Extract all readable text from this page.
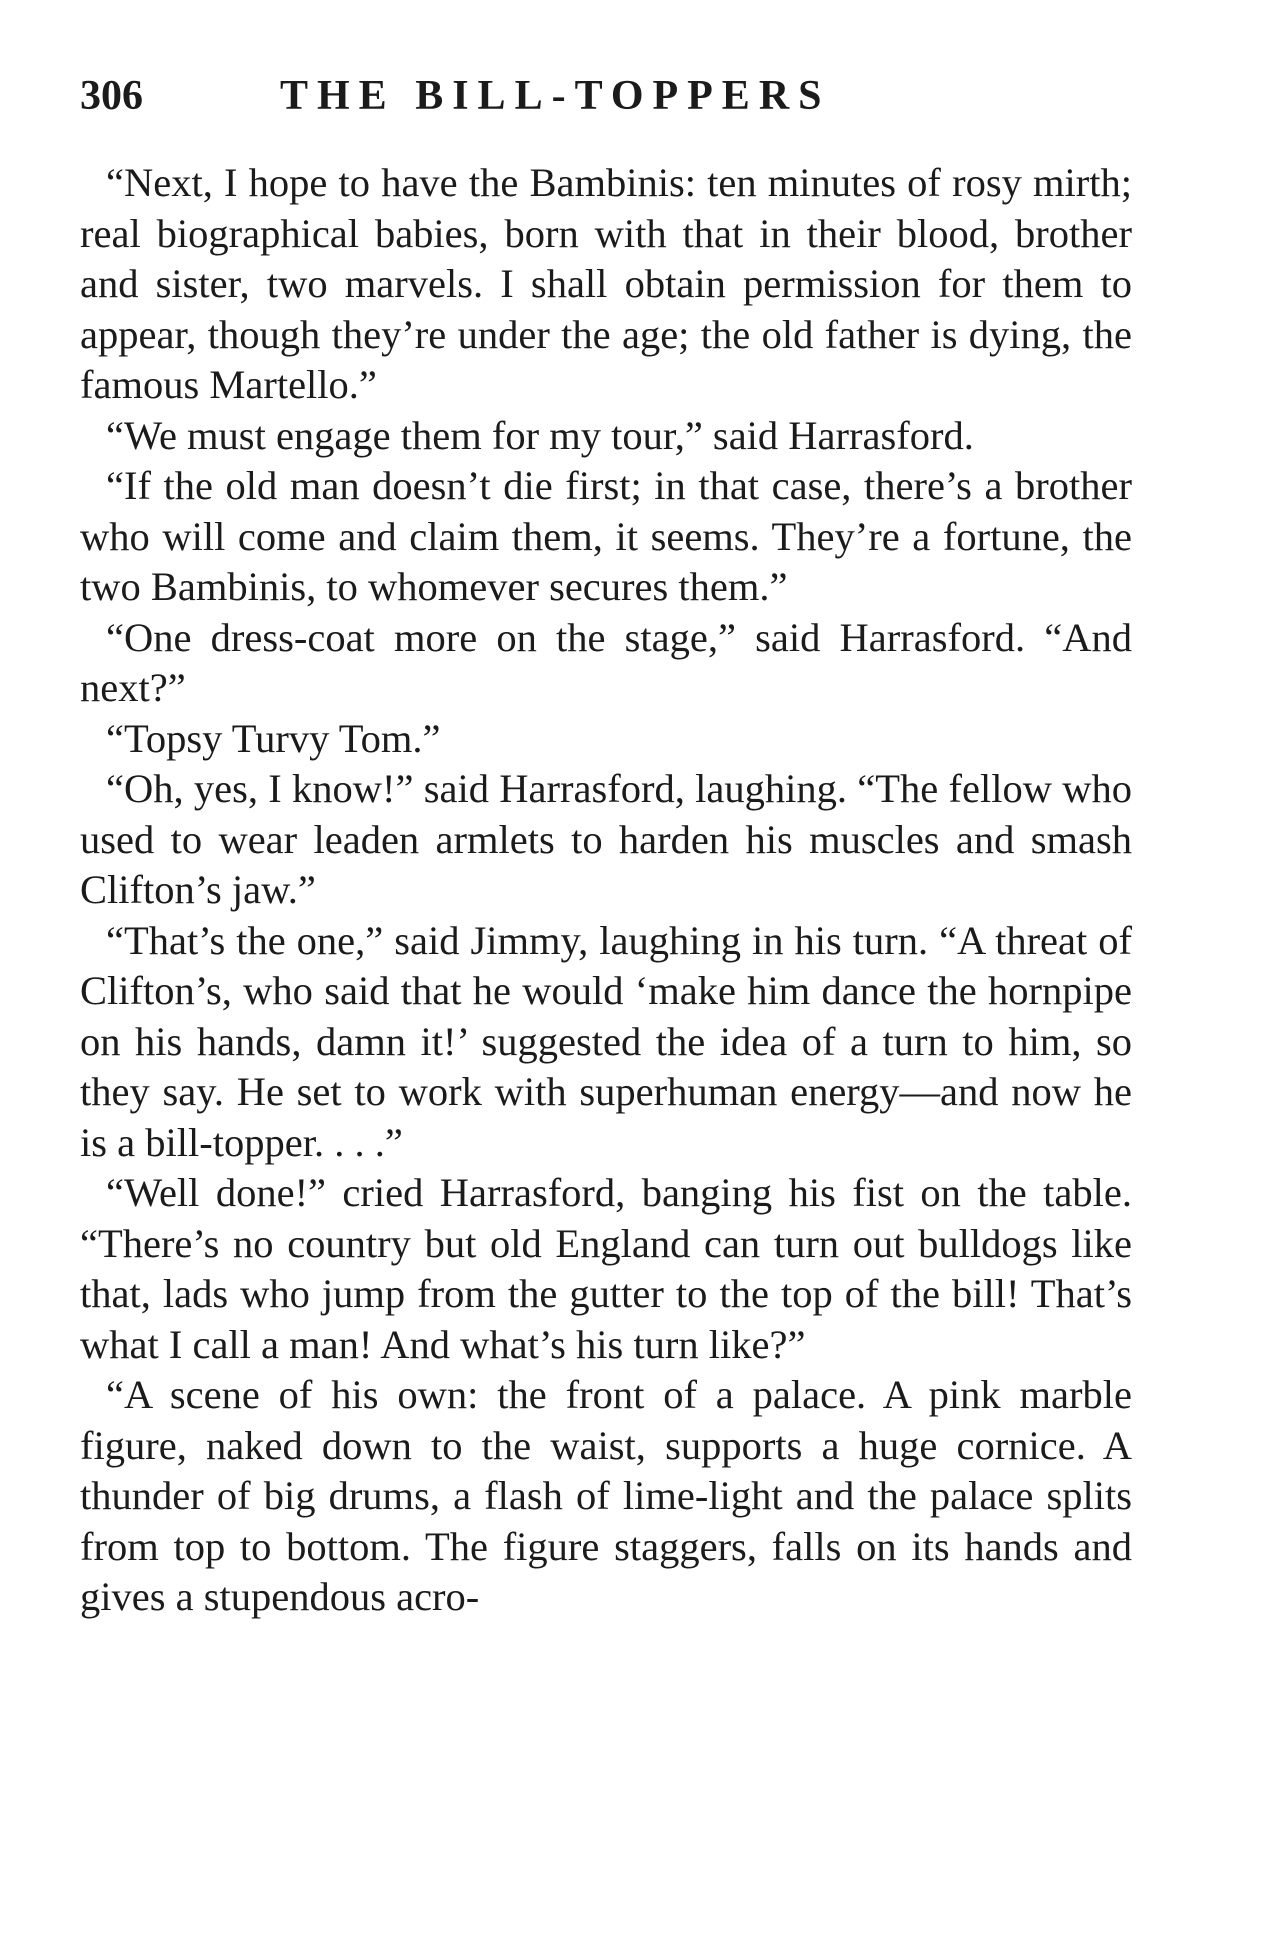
306	THE BILL-TOPPERS

“Next, I hope to have the Bambinis: ten minutes of rosy mirth; real biographical babies, born with that in their blood, brother and sister, two marvels. I shall obtain permission for them to appear, though they’re under the age; the old father is dying, the famous Martello.”

“We must engage them for my tour,” said Harrasford.

“If the old man doesn’t die first; in that case, there’s a brother who will come and claim them, it seems. They’re a fortune, the two Bambinis, to whomever secures them.”

“One dress-coat more on the stage,” said Harrasford. “And next?”

“Topsy Turvy Tom.”

“Oh, yes, I know!” said Harrasford, laughing. “The fellow who used to wear leaden armlets to harden his muscles and smash Clifton’s jaw.”

“That’s the one,” said Jimmy, laughing in his turn. “A threat of Clifton’s, who said that he would ‘make him dance the hornpipe on his hands, damn it!’ suggested the idea of a turn to him, so they say. He set to work with superhuman energy—and now he is a bill-topper. . . .”

“Well done!” cried Harrasford, banging his fist on the table. “There’s no country but old England can turn out bulldogs like that, lads who jump from the gutter to the top of the bill! That’s what I call a man! And what’s his turn like?”

“A scene of his own: the front of a palace. A pink marble figure, naked down to the waist, supports a huge cornice. A thunder of big drums, a flash of lime-light and the palace splits from top to bottom. The figure staggers, falls on its hands and gives a stupendous acro-
